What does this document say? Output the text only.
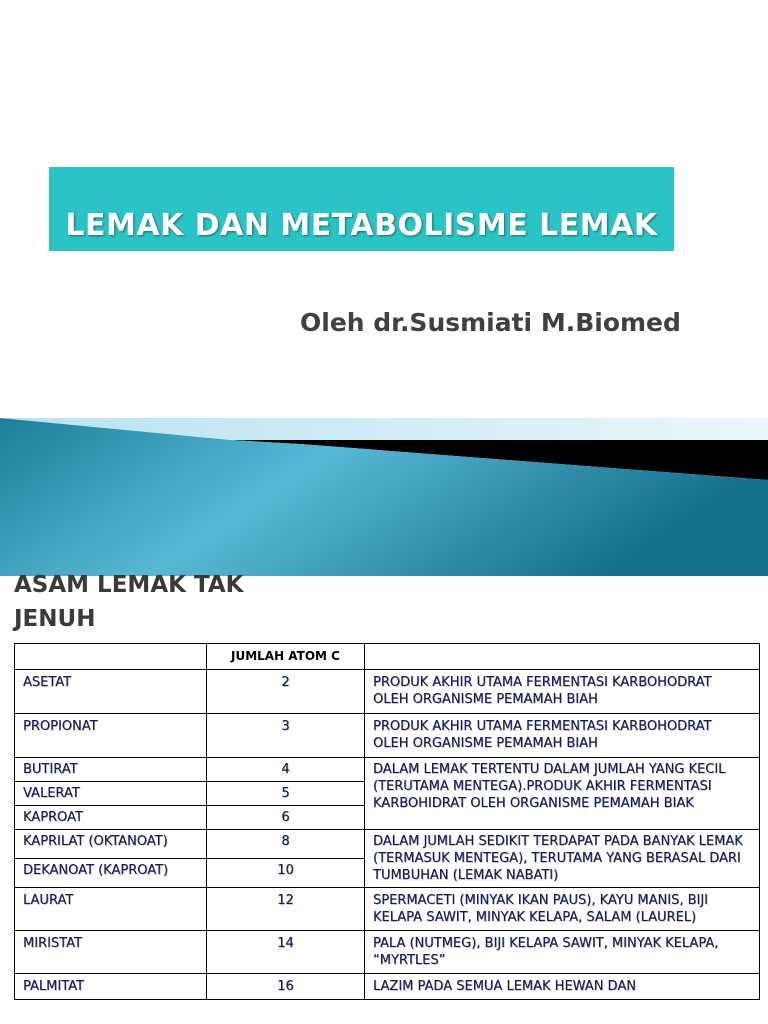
LEMAK DAN METABOLISME LEMAK
Oleh dr.Susmiati M.Biomed
ASAM LEMAK TAK
JENUH
	JUMLAH ATOM C	
ASETAT	2	PRODUK AKHIR UTAMA FERMENTASI KARBOHODRAT OLEH ORGANISME PEMAMAH BIAH
PROPIONAT	3	PRODUK AKHIR UTAMA FERMENTASI KARBOHODRAT OLEH ORGANISME PEMAMAH BIAH
BUTIRAT	4	DALAM LEMAK TERTENTU DALAM JUMLAH YANG KECIL (TERUTAMA MENTEGA).PRODUK AKHIR FERMENTASI KARBOHIDRAT OLEH ORGANISME PEMAMAH BIAK
VALERAT	5	
KAPROAT	6	
KAPRILAT (OKTANOAT)	8	DALAM JUMLAH SEDIKIT TERDAPAT PADA BANYAK LEMAK (TERMASUK MENTEGA), TERUTAMA YANG BERASAL DARI TUMBUHAN (LEMAK NABATI)
DEKANOAT (KAPROAT)	10	
LAURAT	12	SPERMACETI (MINYAK IKAN PAUS), KAYU MANIS, BIJI KELAPA SAWIT, MINYAK KELAPA, SALAM (LAUREL)
MIRISTAT	14	PALA (NUTMEG), BIJI KELAPA SAWIT, MINYAK KELAPA, “MYRTLES”
PALMITAT	16	LAZIM PADA SEMUA LEMAK HEWAN DAN
